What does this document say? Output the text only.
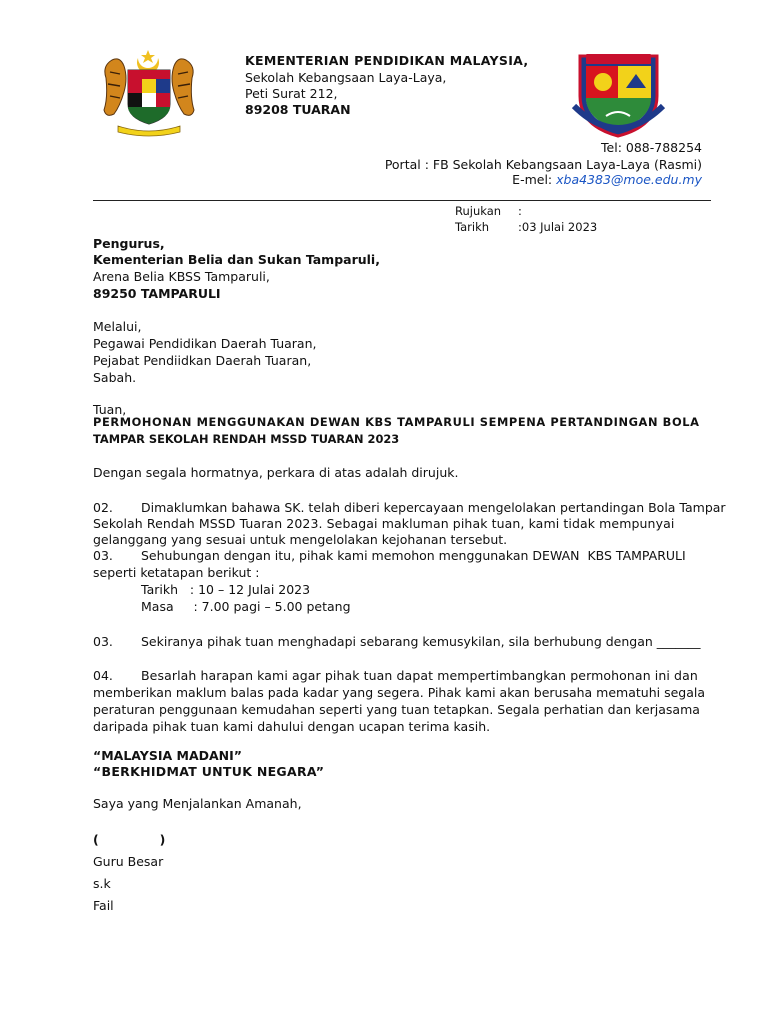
KEMENTERIAN PENDIDIKAN MALAYSIA,
Sekolah Kebangsaan Laya-Laya,
Peti Surat 212,
89208 TUARAN
Tel: 088-788254
Portal : FB Sekolah Kebangsaan Laya-Laya (Rasmi)
E-mel: xba4383@moe.edu.my
Rujukan :
Tarikh	:03 Julai 2023
Pengurus,
Kementerian Belia dan Sukan Tamparuli,
Arena Belia KBSS Tamparuli,
89250 TAMPARULI
Melalui,
Pegawai Pendidikan Daerah Tuaran,
Pejabat Pendiidkan Daerah Tuaran,
Sabah.
Tuan,
PERMOHONAN MENGGUNAKAN DEWAN KBS TAMPARULI SEMPENA PERTANDINGAN BOLA
TAMPAR SEKOLAH RENDAH MSSD TUARAN 2023
Dengan segala hormatnya, perkara di atas adalah dirujuk.
02. Dimaklumkan bahawa SK. telah diberi kepercayaan mengelolakan pertandingan Bola Tampar
Sekolah Rendah MSSD Tuaran 2023. Sebagai makluman pihak tuan, kami tidak mempunyai
gelanggang yang sesuai untuk mengelolakan kejohanan tersebut.
03. Sehubungan dengan itu, pihak kami memohon menggunakan DEWAN  KBS TAMPARULI
seperti ketatapan berikut :
Tarikh   : 10 – 12 Julai 2023
Masa     : 7.00 pagi – 5.00 petang
03. Sekiranya pihak tuan menghadapi sebarang kemusykilan, sila berhubung dengan _______
04. Besarlah harapan kami agar pihak tuan dapat mempertimbangkan permohonan ini dan
memberikan maklum balas pada kadar yang segera. Pihak kami akan berusaha mematuhi segala
peraturan penggunaan kemudahan seperti yang tuan tetapkan. Segala perhatian dan kerjasama
daripada pihak tuan kami dahului dengan ucapan terima kasih.
“MALAYSIA MADANI”
“BERKHIDMAT UNTUK NEGARA”
Saya yang Menjalankan Amanah,
(              )
Guru Besar
s.k
Fail
